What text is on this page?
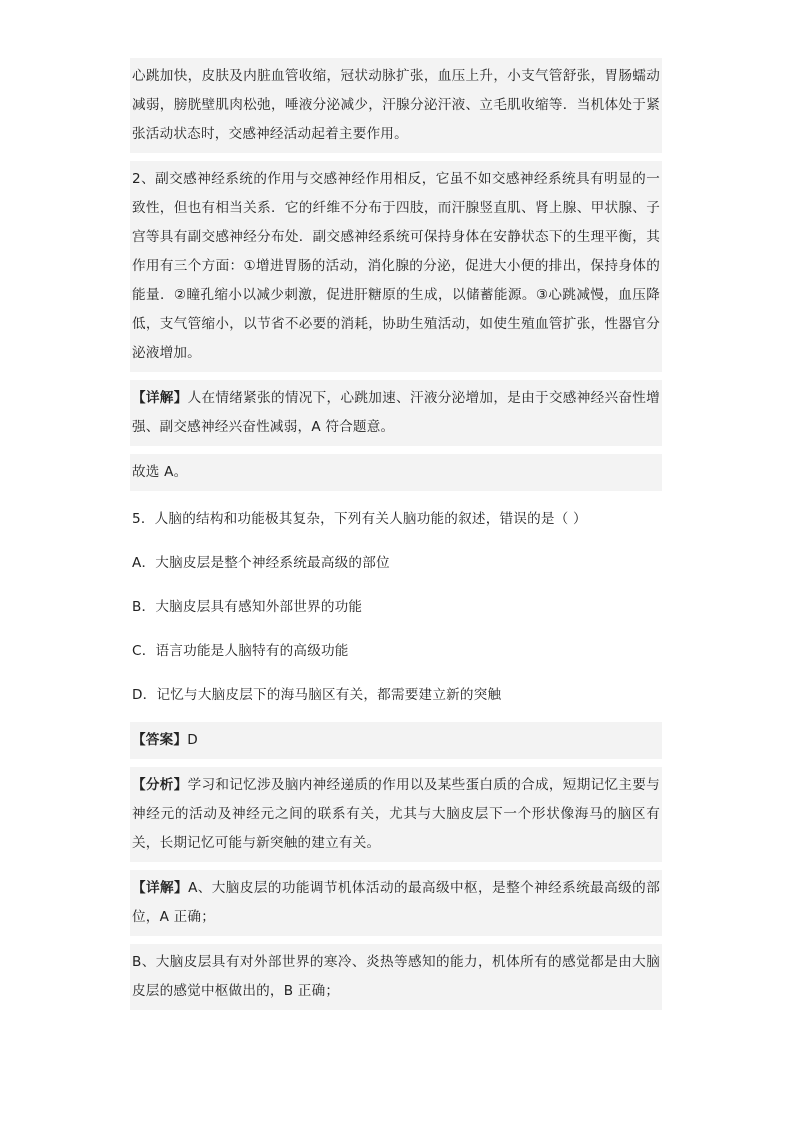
心跳加快，皮肤及内脏血管收缩，冠状动脉扩张，血压上升，小支气管舒张，胃肠蠕动减弱，膀胱壁肌肉松弛，唾液分泌减少，汗腺分泌汗液、立毛肌收缩等．当机体处于紧张活动状态时，交感神经活动起着主要作用。
2、副交感神经系统的作用与交感神经作用相反，它虽不如交感神经系统具有明显的一致性，但也有相当关系．它的纤维不分布于四肢，而汗腺竖直肌、肾上腺、甲状腺、子宫等具有副交感神经分布处．副交感神经系统可保持身体在安静状态下的生理平衡，其作用有三个方面：①增进胃肠的活动，消化腺的分泌，促进大小便的排出，保持身体的能量．②瞳孔缩小以减少刺激，促进肝糖原的生成，以储蓄能源。③心跳减慢，血压降低，支气管缩小，以节省不必要的消耗，协助生殖活动，如使生殖血管扩张，性器官分泌液增加。
【详解】人在情绪紧张的情况下，心跳加速、汗液分泌增加，是由于交感神经兴奋性增强、副交感神经兴奋性减弱，A 符合题意。
故选 A。
5．人脑的结构和功能极其复杂，下列有关人脑功能的叙述，错误的是（ ）
A．大脑皮层是整个神经系统最高级的部位
B．大脑皮层具有感知外部世界的功能
C．语言功能是人脑特有的高级功能
D．记忆与大脑皮层下的海马脑区有关，都需要建立新的突触
【答案】D
【分析】学习和记忆涉及脑内神经递质的作用以及某些蛋白质的合成，短期记忆主要与神经元的活动及神经元之间的联系有关，尤其与大脑皮层下一个形状像海马的脑区有关，长期记忆可能与新突触的建立有关。
【详解】A、大脑皮层的功能调节机体活动的最高级中枢，是整个神经系统最高级的部位，A 正确；
B、大脑皮层具有对外部世界的寒冷、炎热等感知的能力，机体所有的感觉都是由大脑皮层的感觉中枢做出的，B 正确；
